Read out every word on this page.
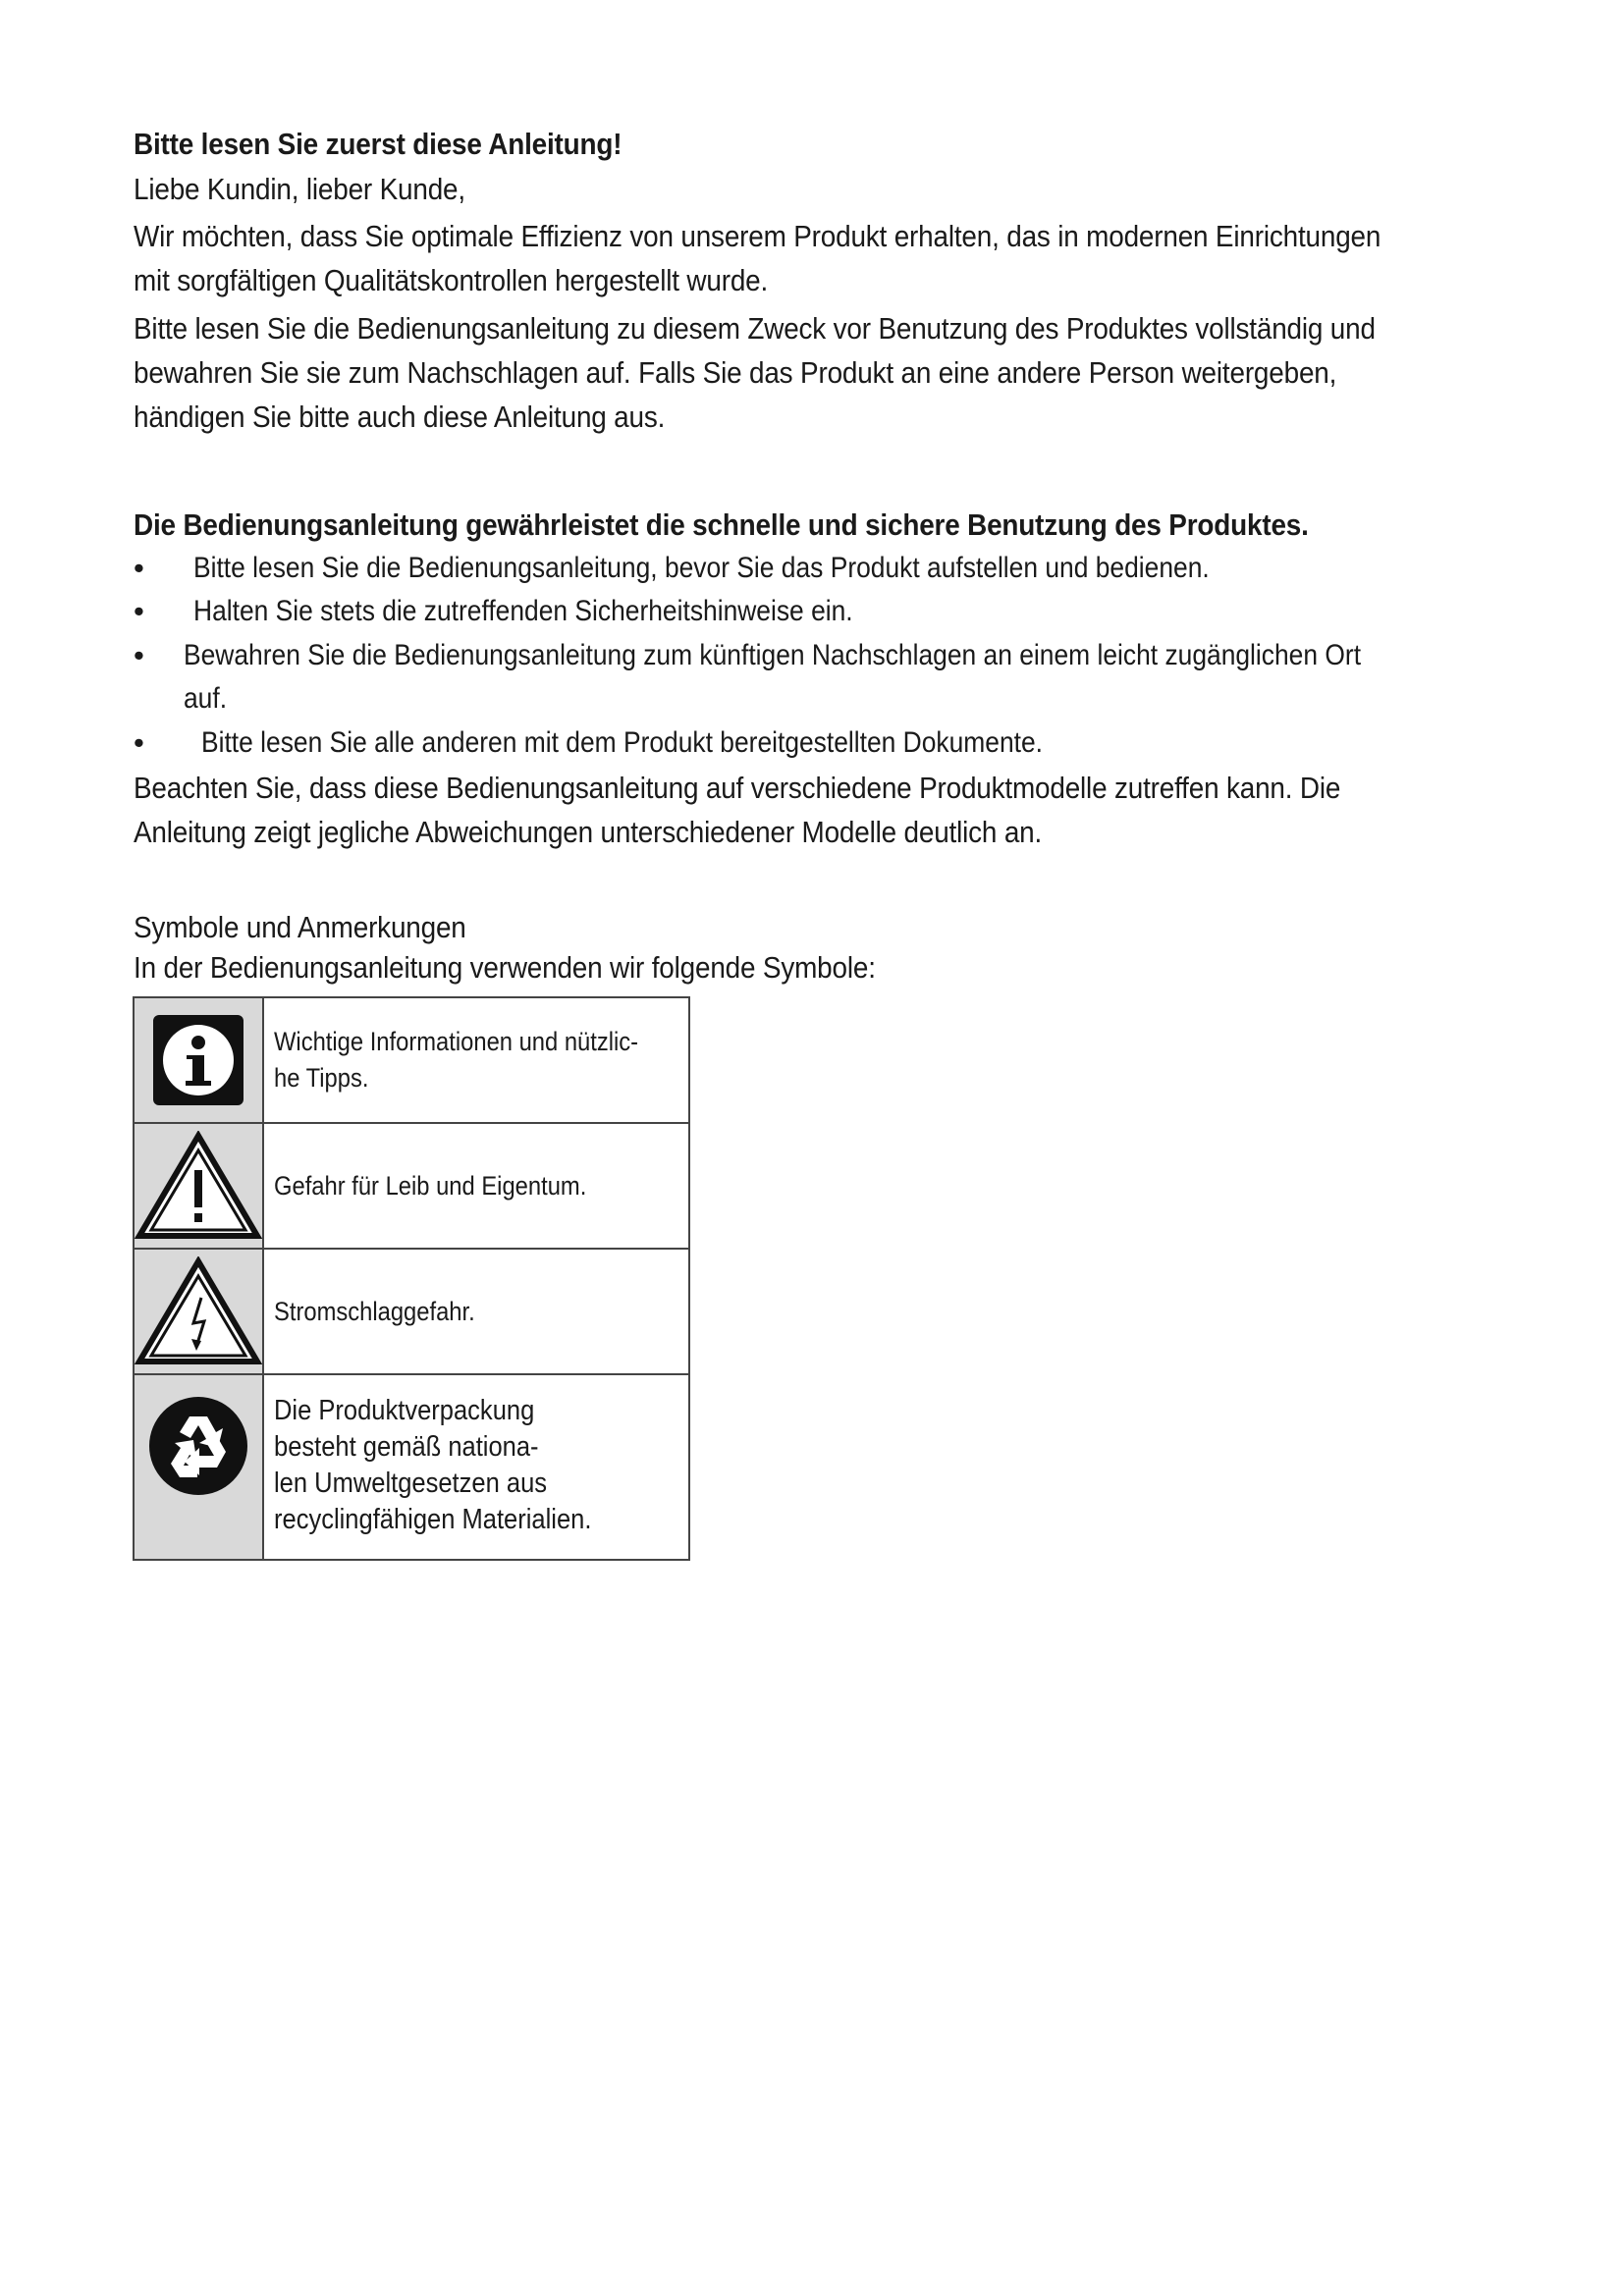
Bitte lesen Sie zuerst diese Anleitung!
Liebe Kundin, lieber Kunde,
Wir möchten, dass Sie optimale Effizienz von unserem Produkt erhalten, das in modernen Einrichtungen
mit sorgfältigen Qualitätskontrollen hergestellt wurde.
Bitte lesen Sie die Bedienungsanleitung zu diesem Zweck vor Benutzung des Produktes vollständig und
bewahren Sie sie zum Nachschlagen auf. Falls Sie das Produkt an eine andere Person weitergeben,
händigen Sie bitte auch diese Anleitung aus.
Die Bedienungsanleitung gewährleistet die schnelle und sichere Benutzung des Produktes.
• Bitte lesen Sie die Bedienungsanleitung, bevor Sie das Produkt aufstellen und bedienen.
• Halten Sie stets die zutreffenden Sicherheitshinweise ein.
• Bewahren Sie die Bedienungsanleitung zum künftigen Nachschlagen an einem leicht zugänglichen Ort
auf.
• Bitte lesen Sie alle anderen mit dem Produkt bereitgestellten Dokumente.
Beachten Sie, dass diese Bedienungsanleitung auf verschiedene Produktmodelle zutreffen kann. Die
Anleitung zeigt jegliche Abweichungen unterschiedener Modelle deutlich an.
Symbole und Anmerkungen
In der Bedienungsanleitung verwenden wir folgende Symbole:

Wichtige Informationen und nützlic-
he Tipps.

	Gefahr für Leib und Eigentum.

	Stromschlaggefahr.

Die Produktverpackung
besteht gemäß nationa-
len Umweltgesetzen aus
recyclingfähigen Materialien.
